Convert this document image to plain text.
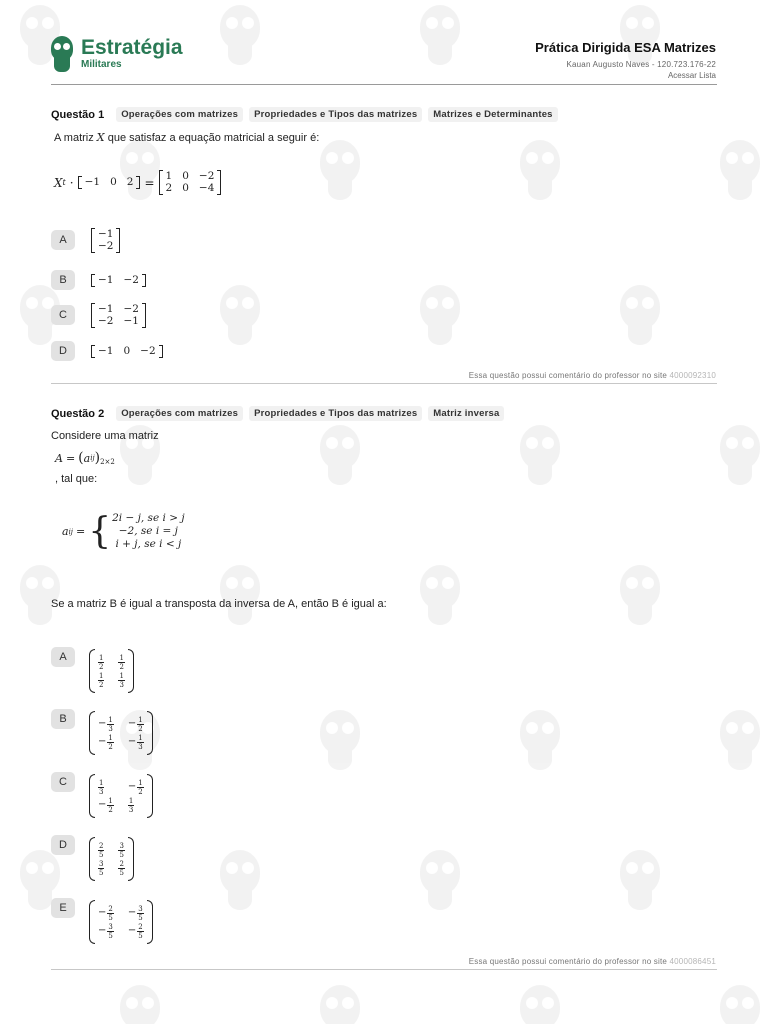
Estratégia
Militares
Prática Dirigida ESA Matrizes
Kauan Augusto Naves - 120.723.176-22
Acessar Lista
Questão 1	Operações com matrizes	Propriedades e Tipos das matrizes	Matrizes e Determinantes
A matriz X que satisfaz a equação matricial a seguir é:
X t · −1 0 2 = 1 0 −2
2 0 −4
A	−1
−2
B	−1 −2
C	−1 −2
−2 −1
D	−1 0 −2
Essa questão possui comentário do professor no site 4000092310
Questão 2	Operações com matrizes	Propriedades e Tipos das matrizes	Matriz inversa
Considere uma matriz
A = ( a ij )$_{2\times 2}$
, tal que:
a ij = { 2i − j, se i > j
−2, se i = j
i + j, se i < j
Se a matriz B é igual a transposta da inversa de A, então B é igual a:
A	$\frac{1}{2} \frac{1}{2}$
$\frac{1}{2} \frac{1}{3}$
B	− $\frac{1}{3} - \frac{1}{2}$
− $\frac{1}{2} - \frac{1}{3}$
C	$\frac{1}{3} - \frac{1}{2}$
− $\frac{1}{2} \frac{1}{3}$
D	$\frac{2}{5} \frac{3}{5}$
$\frac{3}{5} \frac{2}{5}$
E	− $\frac{2}{5} - \frac{3}{5}$
− $\frac{3}{5} - \frac{2}{5}$
Essa questão possui comentário do professor no site 4000086451
